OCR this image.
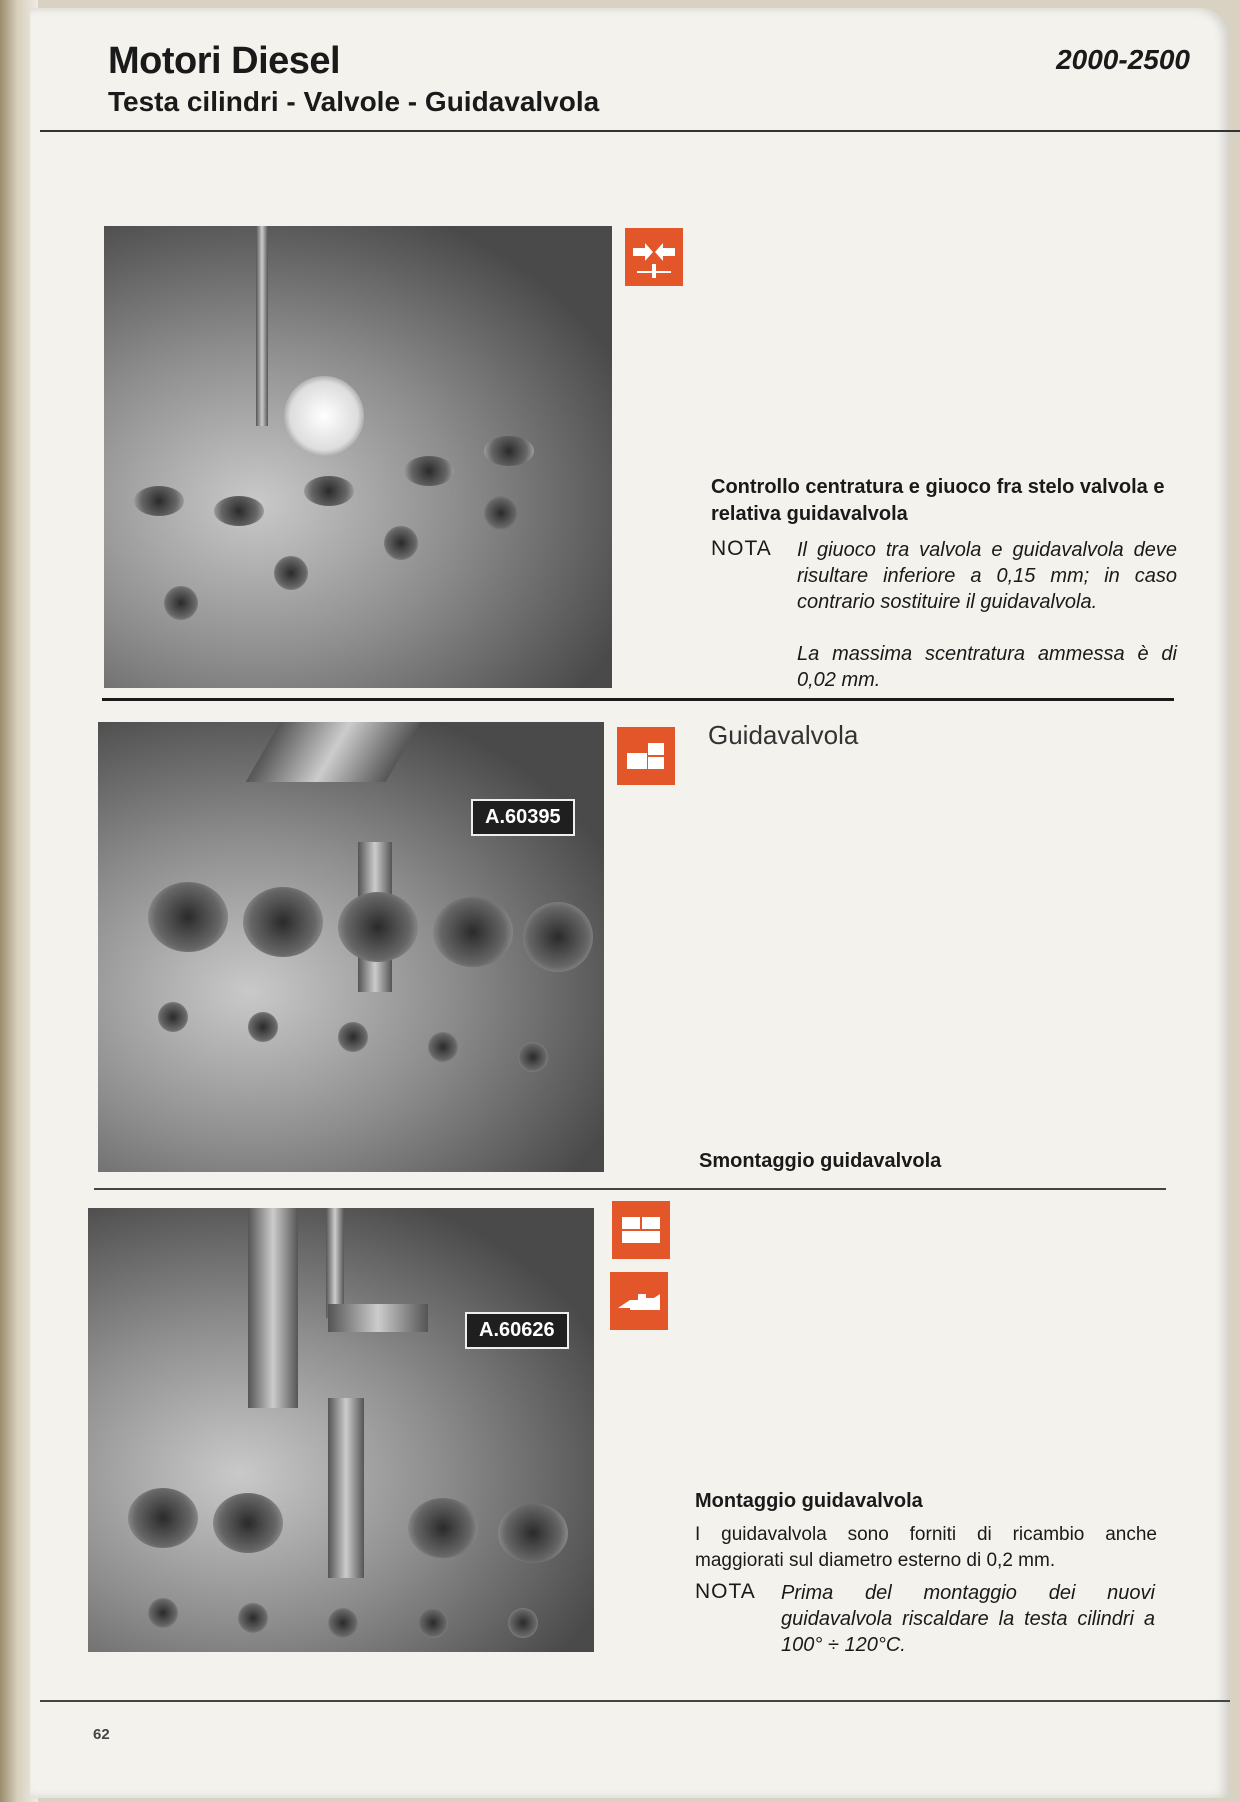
Motori Diesel
Testa cilindri - Valvole - Guidavalvola
2000-2500
Controllo centratura e giuoco fra stelo valvola e relativa guidavalvola
NOTA Il giuoco tra valvola e guidavalvola deve risultare inferiore a 0,15 mm; in caso contrario sostituire il guidavalvola.
La massima scentratura ammessa è di 0,02 mm.
A.60395
Guidavalvola
Smontaggio guidavalvola
A.60626
Montaggio guidavalvola
I guidavalvola sono forniti di ricambio anche maggiorati sul diametro esterno di 0,2 mm.
NOTA Prima del montaggio dei nuovi guidavalvola riscaldare la testa cilindri a 100° ÷ 120°C.
62
